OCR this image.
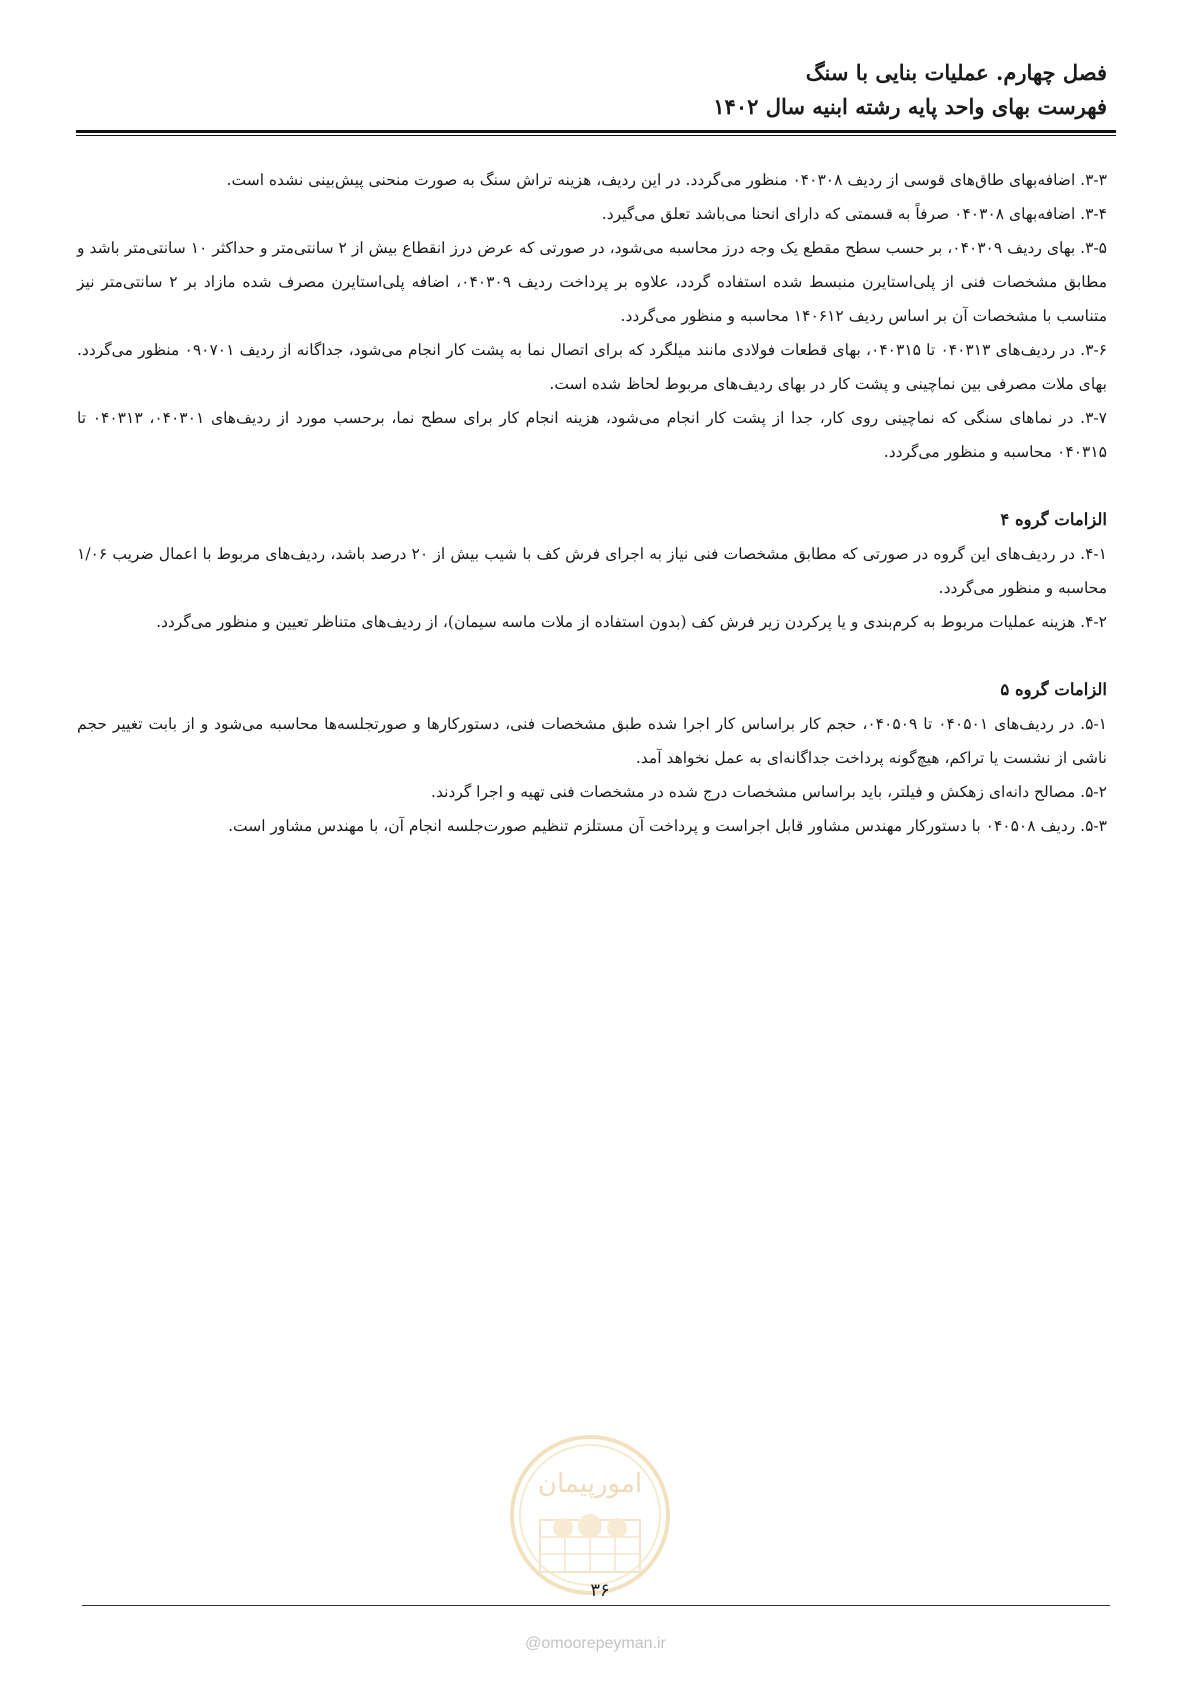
فصل چهارم. عملیات بنایی با سنگ
فهرست بهای واحد پایه رشته ابنیه سال ۱۴۰۲

۳-۳. اضافه‌بهای طاق‌های قوسی از ردیف ۰۴۰۳۰۸ منظور می‌گردد. در این ردیف، هزینه تراش سنگ به صورت منحنی پیش‌بینی نشده است.

۳-۴. اضافه‌بهای ۰۴۰۳۰۸ صرفاً به قسمتی که دارای انحنا می‌باشد تعلق می‌گیرد.

۳-۵. بهای ردیف ۰۴۰۳۰۹، بر حسب سطح مقطع یک وجه درز محاسبه می‌شود، در صورتی که عرض درز انقطاع بیش از ۲ سانتی‌متر و حداکثر ۱۰ سانتی‌متر باشد و مطابق مشخصات فنی از پلی‌استایرن منبسط شده استفاده گردد، علاوه بر پرداخت ردیف ۰۴۰۳۰۹، اضافه پلی‌استایرن مصرف شده مازاد بر ۲ سانتی‌متر نیز متناسب با مشخصات آن بر اساس ردیف ۱۴۰۶۱۲ محاسبه و منظور می‌گردد.

۳-۶. در ردیف‌های ۰۴۰۳۱۳ تا ۰۴۰۳۱۵، بهای قطعات فولادی مانند میلگرد که برای اتصال نما به پشت کار انجام می‌شود، جداگانه از ردیف ۰۹۰۷۰۱ منظور می‌گردد. بهای ملات مصرفی بین نماچینی و پشت کار در بهای ردیف‌های مربوط لحاظ شده است.

۳-۷. در نماهای سنگی که نماچینی روی کار، جدا از پشت کار انجام می‌شود، هزینه انجام کار برای سطح نما، برحسب مورد از ردیف‌های ۰۴۰۳۰۱، ۰۴۰۳۱۳ تا ۰۴۰۳۱۵ محاسبه و منظور می‌گردد.

الزامات گروه ۴

۴-۱. در ردیف‌های این گروه در صورتی که مطابق مشخصات فنی نیاز به اجرای فرش کف با شیب بیش از ۲۰ درصد باشد، ردیف‌های مربوط با اعمال ضریب ۱/۰۶ محاسبه و منظور می‌گردد.

۴-۲. هزینه عملیات مربوط به کرم‌بندی و یا پرکردن زیر فرش کف (بدون استفاده از ملات ماسه سیمان)، از ردیف‌های متناظر تعیین و منظور می‌گردد.

الزامات گروه ۵

۵-۱. در ردیف‌های ۰۴۰۵۰۱ تا ۰۴۰۵۰۹، حجم کار براساس کار اجرا شده طبق مشخصات فنی، دستورکارها و صورتجلسه‌ها محاسبه می‌شود و از بابت تغییر حجم ناشی از نشست یا تراکم، هیچ‌گونه پرداخت جداگانه‌ای به عمل نخواهد آمد.

۵-۲. مصالح دانه‌ای زهکش و فیلتر، باید براساس مشخصات درج شده در مشخصات فنی تهیه و اجرا گردند.

۵-۳. ردیف ۰۴۰۵۰۸ با دستورکار مهندس مشاور قابل اجراست و پرداخت آن مستلزم تنظیم صورت‌جلسه انجام آن، با مهندس مشاور است.

امورپیمان
۳۶
@omoorepeyman.ir
